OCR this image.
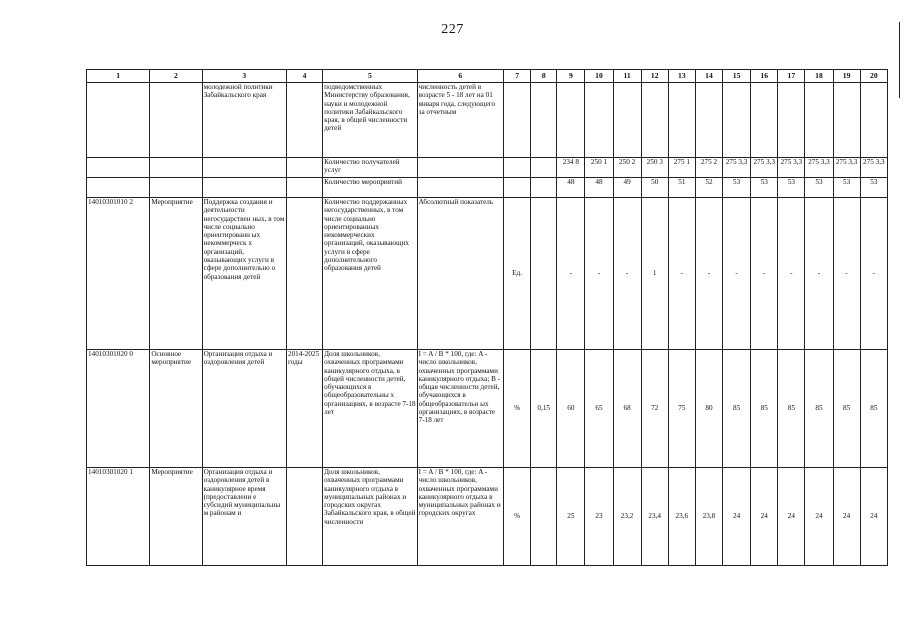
227
1	2	3	4	5	6	7	8	9	10	11	12	13	14	15	16	17	18	19	20
		молодежной политики Забайкальского края		подведомственных Министерству образования, науки и молодежной политики Забайкальского края, в общей численности детей	численность детей в возрасте 5 - 18 лет на 01 января года, следующего за отчетным														
				Количество получателей услуг				234 8	250 1	250 2	250 3	275 1	275 2	275 3,3	275 3,3	275 3,3	275 3,3	275 3,3	275 3,3
				Количество мероприятий				48	48	49	50	51	52	53	53	53	53	53	53
14010301010 2	Мероприятие	Поддержка создания и деятельности негосударствен ных, в том числе социально ориентированн ых некоммерческ х организаций, оказывающих услуги в сфере дополнительно о образования детей		Количество поддержанных негосударственных, в том числе социально ориентированных некоммерческих организаций, оказывающих услуги в сфере дополнительного образования детей	Абсолютный показатель	Ед.		-	-	-	1	-	-	-	-	-	-	-	-
14010301020 0	Основное мероприятие	Организация отдыха и оздоровления детей	2014-2025 годы	Доля школьников, охваченных программами каникулярного отдыха, в общей численности детей, обучающихся в общеобразовательны х организациях, в возрасте 7-18 лет	I = A / B * 100, где: A - число школьников, охваченных программами каникулярного отдыха; B - общая численности детей, обучающихся в общеобразовательн ых организациях, в возрасте 7-18 лет	%	0,15	60	65	68	72	75	80	85	85	85	85	85	85
14010301020 1	Мероприятие	Организация отдыха и оздоровления детей в каникулярное время (предоставлени е субсидий муниципальны м районам и		Доля школьников, охваченных программами каникулярного отдыха в муниципальных районах и городских округах Забайкальского края, в общей численности	I = A / B * 100, где: A - число школьников, охваченных программами каникулярного отдыха в муниципальных районах и городских округах	%		25	23	23,2	23,4	23,6	23,8	24	24	24	24	24	24
